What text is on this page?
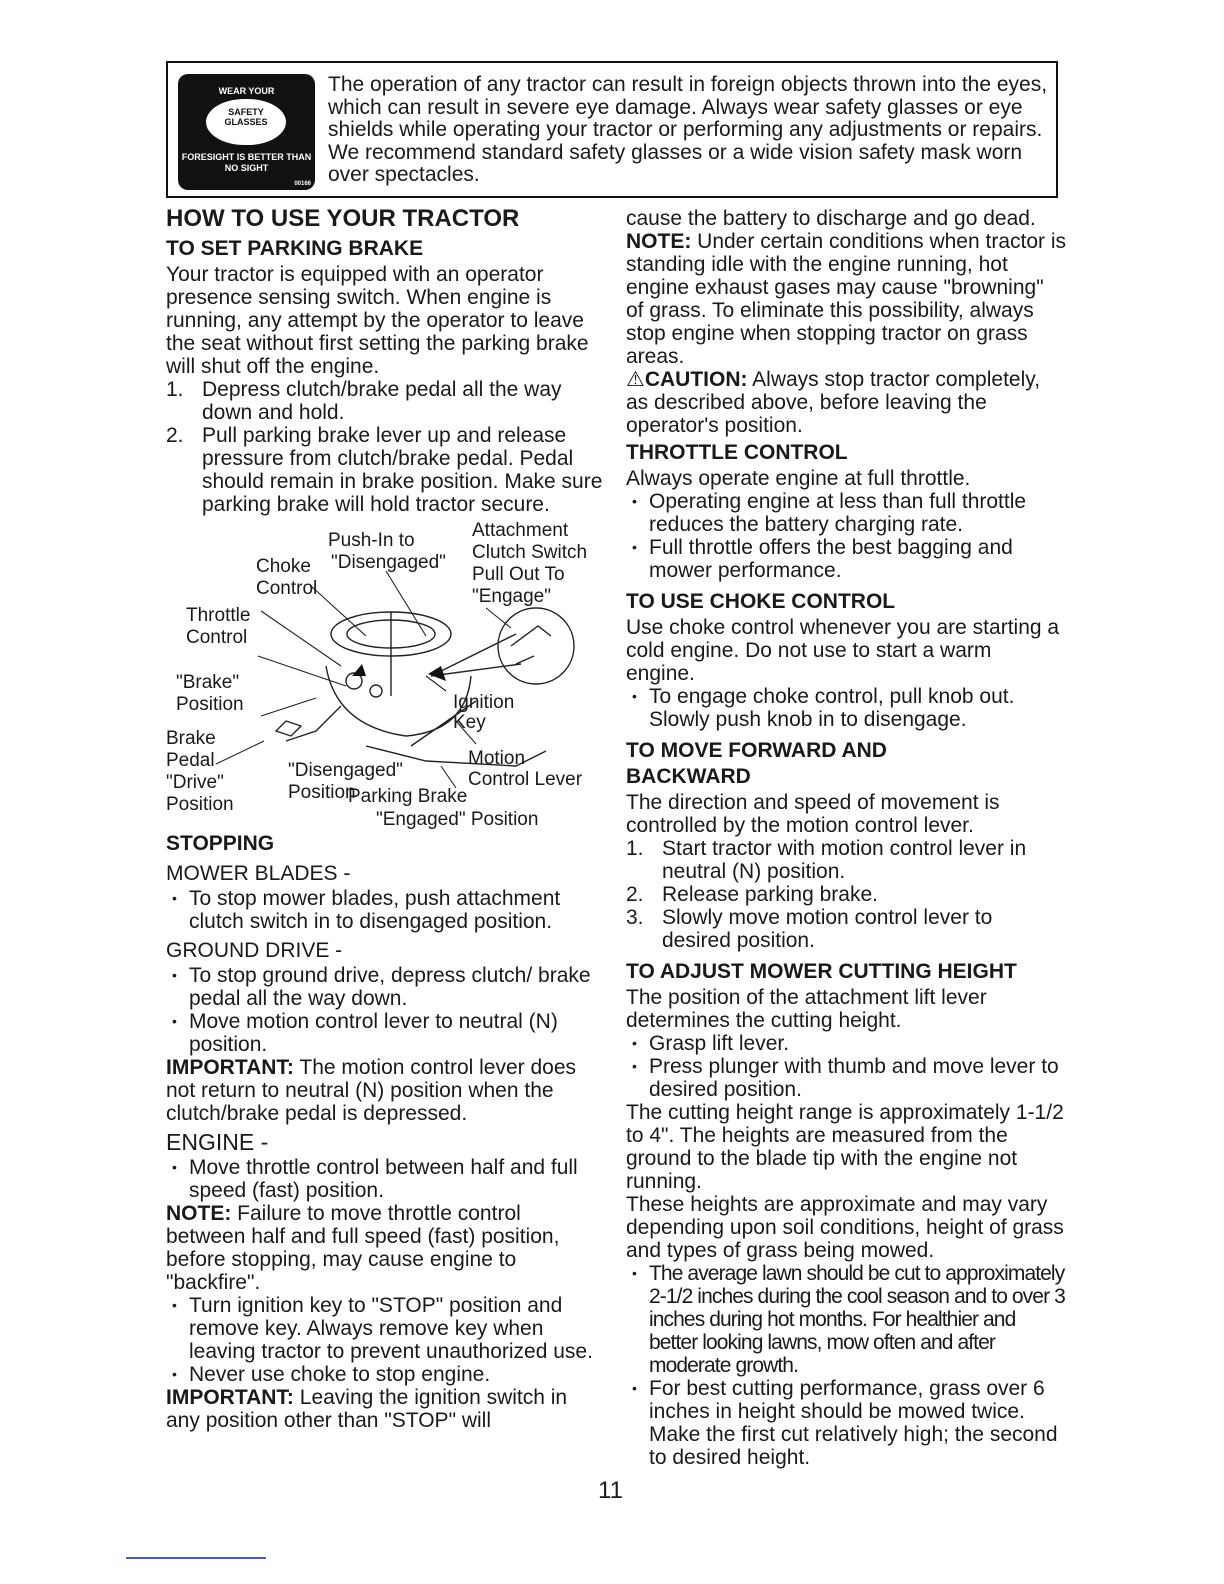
WEAR YOUR
SAFETY GLASSES
FORESIGHT IS BETTER THAN NO SIGHT
00166
The operation of any tractor can result in foreign objects thrown into the eyes, which can result in severe eye damage. Always wear safety glasses or eye shields while operating your tractor or performing any adjustments or repairs. We recommend standard safety glasses or a wide vision safety mask worn over spectacles.
HOW TO USE YOUR TRACTOR
TO SET PARKING BRAKE

Your tractor is equipped with an operator presence sensing switch. When engine is running, any attempt by the operator to leave the seat without first setting the parking brake will shut off the engine.

1. Depress clutch/brake pedal all the way down and hold.

2. Pull parking brake lever up and release pressure from clutch/brake pedal. Pedal should remain in brake position. Make sure parking brake will hold tractor secure.

Attachment
Clutch Switch
Pull Out To
"Engage"
Push-In to
"Disengaged"
Choke
Control
Throttle
Control
"Brake"
Position	Ignition
Key
Brake
Pedal
"Drive"
Position
"Disengaged"
Position
Motion
Control Lever
Parking Brake
"Engaged" Position
STOPPING
MOWER BLADES -

• To stop mower blades, push attachment clutch switch in to disengaged position.

GROUND DRIVE -

• To stop ground drive, depress clutch/ brake pedal all the way down.

• Move motion control lever to neutral (N) position.

IMPORTANT: The motion control lever does not return to neutral (N) position when the clutch/brake pedal is depressed.

ENGINE -

• Move throttle control between half and full speed (fast) position.

NOTE: Failure to move throttle control between half and full speed (fast) position, before stopping, may cause engine to "backfire".

• Turn ignition key to "STOP" position and remove key. Always remove key when leaving tractor to prevent unauthorized use.

• Never use choke to stop engine.

IMPORTANT: Leaving the ignition switch in any position other than "STOP" will

cause the battery to discharge and go dead.

NOTE: Under certain conditions when tractor is standing idle with the engine running, hot engine exhaust gases may cause "browning" of grass. To eliminate this possibility, always stop engine when stopping tractor on grass areas.

⚠CAUTION: Always stop tractor completely, as described above, before leaving the operator's position.

THROTTLE CONTROL

Always operate engine at full throttle.

• Operating engine at less than full throttle reduces the battery charging rate.

• Full throttle offers the best bagging and mower performance.

TO USE CHOKE CONTROL

Use choke control whenever you are starting a cold engine. Do not use to start a warm engine.

• To engage choke control, pull knob out. Slowly push knob in to disengage.

TO MOVE FORWARD AND
BACKWARD

The direction and speed of movement is controlled by the motion control lever.

1. Start tractor with motion control lever in neutral (N) position.

2. Release parking brake.

3. Slowly move motion control lever to desired position.

TO ADJUST MOWER CUTTING HEIGHT

The position of the attachment lift lever determines the cutting height.

• Grasp lift lever.

• Press plunger with thumb and move lever to desired position.

The cutting height range is approximately 1-1/2 to 4". The heights are measured from the ground to the blade tip with the engine not running.

These heights are approximate and may vary depending upon soil conditions, height of grass and types of grass being mowed.

• The average lawn should be cut to approximately 2-1/2 inches during the cool season and to over 3 inches during hot months. For healthier and better looking lawns, mow often and after moderate growth.

• For best cutting performance, grass over 6 inches in height should be mowed twice. Make the first cut relatively high; the second to desired height.

11
